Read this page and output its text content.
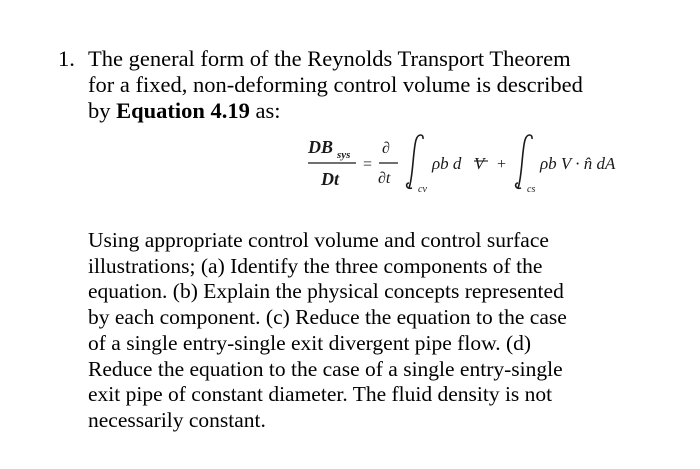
1. The general form of the Reynolds Transport Theorem
for a fixed, non-deforming control volume is described
by Equation 4.19 as:

DB sys
Dt
=
∂
∂t
cv
ρb d V +
cs
ρb V · n̂ dA

Using appropriate control volume and control surface
illustrations; (a) Identify the three components of the
equation. (b) Explain the physical concepts represented
by each component. (c) Reduce the equation to the case
of a single entry-single exit divergent pipe flow. (d)
Reduce the equation to the case of a single entry-single
exit pipe of constant diameter. The fluid density is not
necessarily constant.
